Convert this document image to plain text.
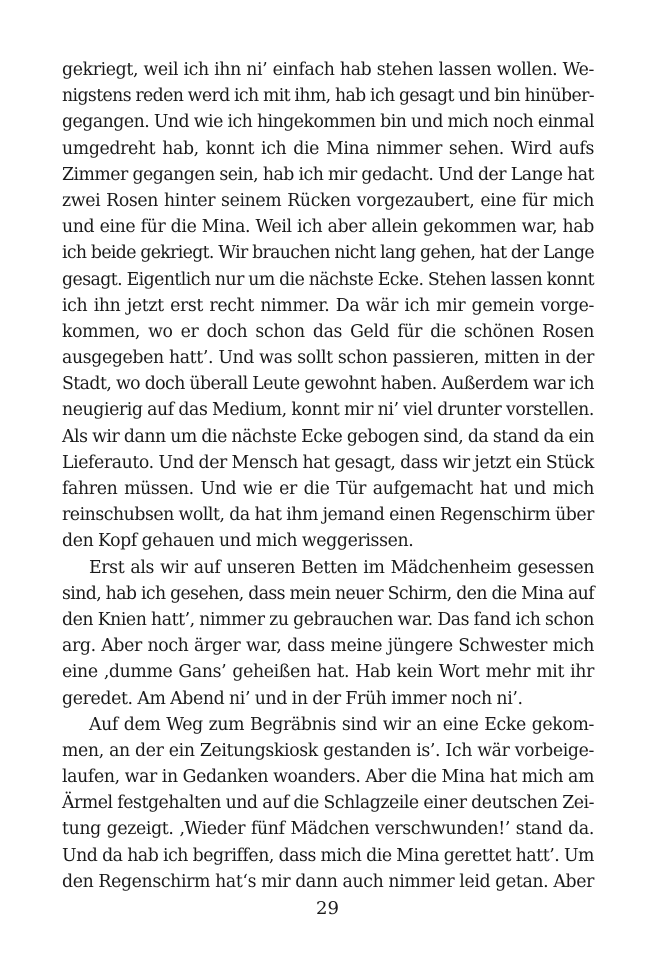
gekriegt, weil ich ihn ni’ einfach hab stehen lassen wollen. We-
nigstens reden werd ich mit ihm, hab ich gesagt und bin hinüber-
gegangen. Und wie ich hingekommen bin und mich noch einmal
umgedreht hab, konnt ich die Mina nimmer sehen. Wird aufs
Zimmer gegangen sein, hab ich mir gedacht. Und der Lange hat
zwei Rosen hinter seinem Rücken vorgezaubert, eine für mich
und eine für die Mina. Weil ich aber allein gekommen war, hab
ich beide gekriegt. Wir brauchen nicht lang gehen, hat der Lange
gesagt. Eigentlich nur um die nächste Ecke. Stehen lassen konnt
ich ihn jetzt erst recht nimmer. Da wär ich mir gemein vorge-
kommen, wo er doch schon das Geld für die schönen Rosen
ausgegeben hatt’. Und was sollt schon passieren, mitten in der
Stadt, wo doch überall Leute gewohnt haben. Außerdem war ich
neugierig auf das Medium, konnt mir ni’ viel drunter vorstellen.
Als wir dann um die nächste Ecke gebogen sind, da stand da ein
Lieferauto. Und der Mensch hat gesagt, dass wir jetzt ein Stück
fahren müssen. Und wie er die Tür aufgemacht hat und mich
reinschubsen wollt, da hat ihm jemand einen Regenschirm über
den Kopf gehauen und mich weggerissen.
Erst als wir auf unseren Betten im Mädchenheim gesessen
sind, hab ich gesehen, dass mein neuer Schirm, den die Mina auf
den Knien hatt’, nimmer zu gebrauchen war. Das fand ich schon
arg. Aber noch ärger war, dass meine jüngere Schwester mich
eine ‚dumme Gans’ geheißen hat. Hab kein Wort mehr mit ihr
geredet. Am Abend ni’ und in der Früh immer noch ni’.
Auf dem Weg zum Begräbnis sind wir an eine Ecke gekom-
men, an der ein Zeitungskiosk gestanden is’. Ich wär vorbeige-
laufen, war in Gedanken woanders. Aber die Mina hat mich am
Ärmel festgehalten und auf die Schlagzeile einer deutschen Zei-
tung gezeigt. ‚Wieder fünf Mädchen verschwunden!’ stand da.
Und da hab ich begriffen, dass mich die Mina gerettet hatt’. Um
den Regenschirm hat‘s mir dann auch nimmer leid getan. Aber
29
